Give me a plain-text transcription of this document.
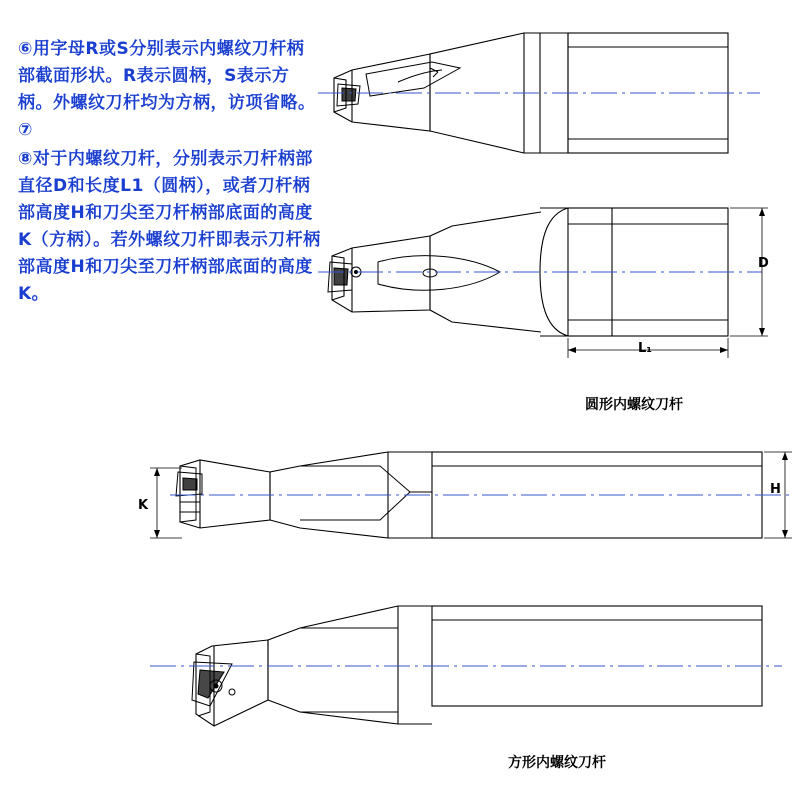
⑥用字母R或S分别表示内螺纹刀杆柄部截面形状。R表示圆柄，S表示方柄。外螺纹刀杆均为方柄，访项省略。⑦
⑧对于内螺纹刀杆，分别表示刀杆柄部直径D和长度L1（圆柄），或者刀杆柄部高度H和刀尖至刀杆柄部底面的高度K（方柄）。若外螺纹刀杆即表示刀杆柄部高度H和刀尖至刀杆柄部底面的高度K。
圆形内螺纹刀杆
方形内螺纹刀杆
D
L₁
H
K
